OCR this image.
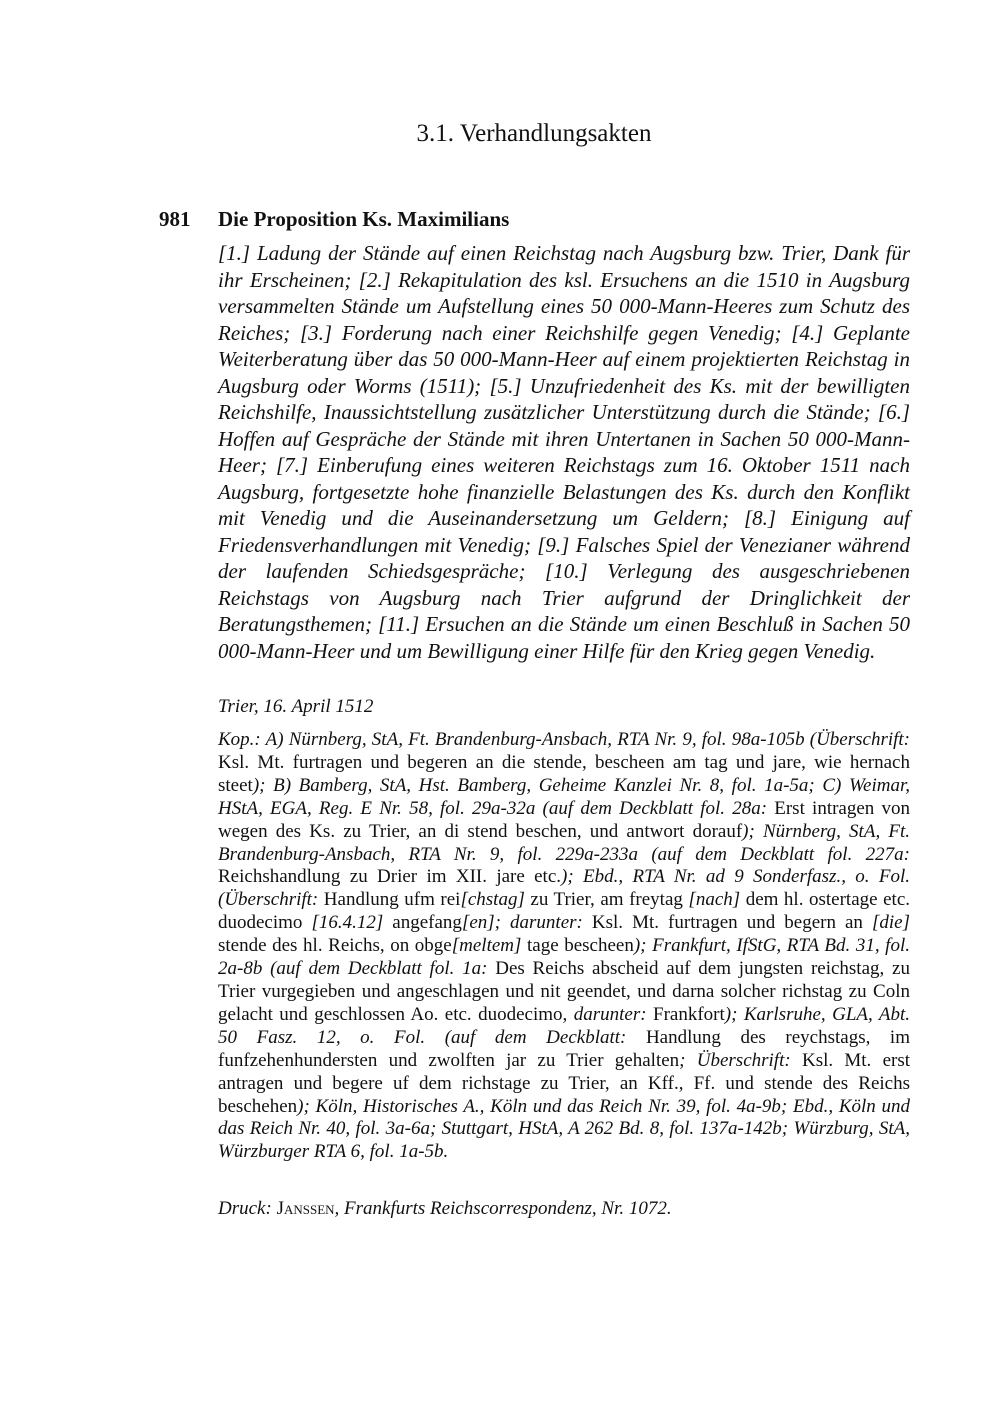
3.1. Verhandlungsakten
981 Die Proposition Ks. Maximilians
[1.] Ladung der Stände auf einen Reichstag nach Augsburg bzw. Trier, Dank für ihr Erscheinen; [2.] Rekapitulation des ksl. Ersuchens an die 1510 in Augsburg versammelten Stände um Aufstellung eines 50 000-Mann-Heeres zum Schutz des Reiches; [3.] Forderung nach einer Reichshilfe gegen Venedig; [4.] Geplante Weiterberatung über das 50 000-Mann-Heer auf einem projektierten Reichstag in Augsburg oder Worms (1511); [5.] Unzufriedenheit des Ks. mit der bewilligten Reichshilfe, Inaussichtstellung zusätzlicher Unterstützung durch die Stände; [6.] Hoffen auf Gespräche der Stände mit ihren Untertanen in Sachen 50 000-Mann-Heer; [7.] Einberufung eines weiteren Reichstags zum 16. Oktober 1511 nach Augsburg, fortgesetzte hohe finanzielle Belastungen des Ks. durch den Konflikt mit Venedig und die Auseinandersetzung um Geldern; [8.] Einigung auf Friedensverhandlungen mit Venedig; [9.] Falsches Spiel der Venezianer während der laufenden Schiedsgespräche; [10.] Verlegung des ausgeschriebenen Reichstags von Augsburg nach Trier aufgrund der Dringlichkeit der Beratungsthemen; [11.] Ersuchen an die Stände um einen Beschluß in Sachen 50 000-Mann-Heer und um Bewilligung einer Hilfe für den Krieg gegen Venedig.
Trier, 16. April 1512
Kop.: A) Nürnberg, StA, Ft. Brandenburg-Ansbach, RTA Nr. 9, fol. 98a-105b (Überschrift: Ksl. Mt. furtragen und begeren an die stende, bescheen am tag und jare, wie hernach steet); B) Bamberg, StA, Hst. Bamberg, Geheime Kanzlei Nr. 8, fol. 1a-5a; C) Weimar, HStA, EGA, Reg. E Nr. 58, fol. 29a-32a (auf dem Deckblatt fol. 28a: Erst intragen von wegen des Ks. zu Trier, an di stend beschen, und antwort dorauf); Nürnberg, StA, Ft. Brandenburg-Ansbach, RTA Nr. 9, fol. 229a-233a (auf dem Deckblatt fol. 227a: Reichshandlung zu Drier im XII. jare etc.); Ebd., RTA Nr. ad 9 Sonderfasz., o. Fol. (Überschrift: Handlung ufm rei[chstag] zu Trier, am freytag [nach] dem hl. ostertage etc. duodecimo [16.4.12] angefang[en]; darunter: Ksl. Mt. furtragen und begern an [die] stende des hl. Reichs, on obge[meltem] tage bescheen); Frankfurt, IfStG, RTA Bd. 31, fol. 2a-8b (auf dem Deckblatt fol. 1a: Des Reichs abscheid auf dem jungsten reichstag, zu Trier vurgegieben und angeschlagen und nit geendet, und darna solcher richstag zu Coln gelacht und geschlossen Ao. etc. duodecimo, darunter: Frankfort); Karlsruhe, GLA, Abt. 50 Fasz. 12, o. Fol. (auf dem Deckblatt: Handlung des reychstags, im funfzehenhundersten und zwolften jar zu Trier gehalten; Überschrift: Ksl. Mt. erst antragen und begere uf dem richstage zu Trier, an Kff., Ff. und stende des Reichs beschehen); Köln, Historisches A., Köln und das Reich Nr. 39, fol. 4a-9b; Ebd., Köln und das Reich Nr. 40, fol. 3a-6a; Stuttgart, HStA, A 262 Bd. 8, fol. 137a-142b; Würzburg, StA, Würzburger RTA 6, fol. 1a-5b.
Druck: Janssen, Frankfurts Reichscorrespondenz, Nr. 1072.
